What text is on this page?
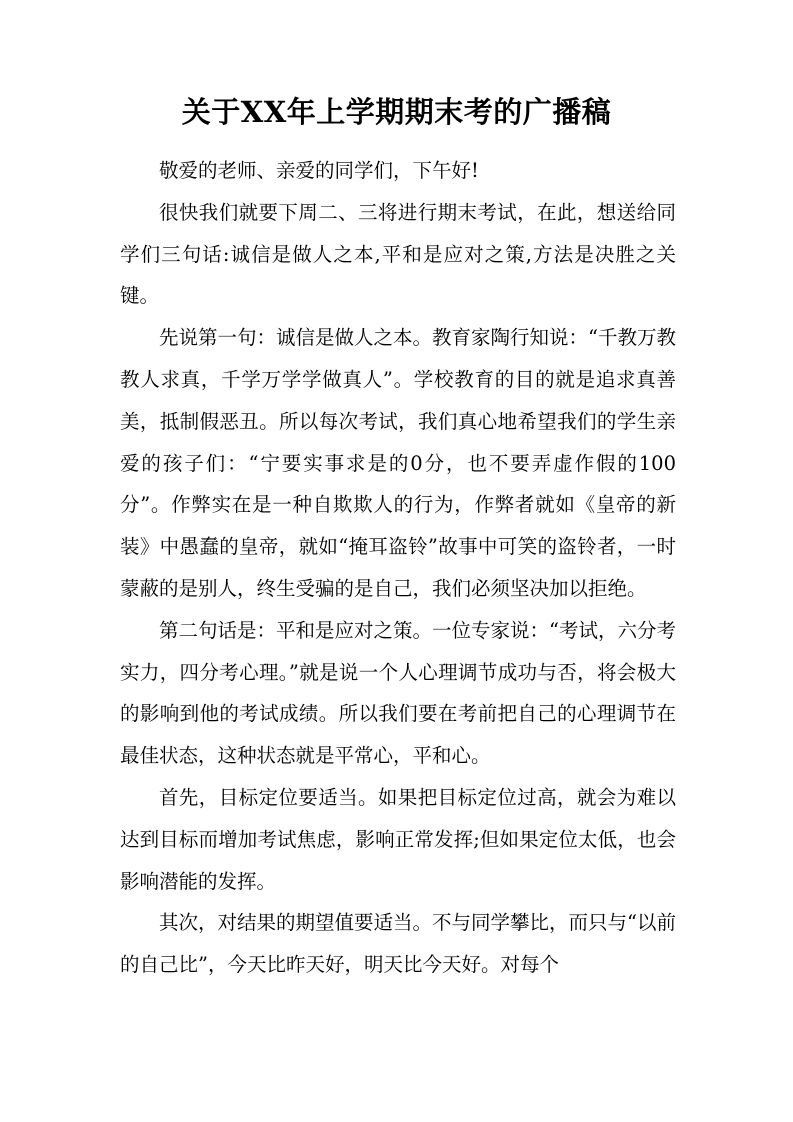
关于XX年上学期期末考的广播稿

敬爱的老师、亲爱的同学们，下午好!

很快我们就要下周二、三将进行期末考试，在此，想送给同学们三句话:诚信是做人之本,平和是应对之策,方法是决胜之关键。

先说第一句：诚信是做人之本。教育家陶行知说：“千教万教教人求真，千学万学学做真人”。学校教育的目的就是追求真善美，抵制假恶丑。所以每次考试，我们真心地希望我们的学生亲爱的孩子们：“宁要实事求是的0分，也不要弄虚作假的100分”。作弊实在是一种自欺欺人的行为，作弊者就如《皇帝的新装》中愚蠢的皇帝，就如“掩耳盗铃”故事中可笑的盗铃者，一时蒙蔽的是别人，终生受骗的是自己，我们必须坚决加以拒绝。

第二句话是：平和是应对之策。一位专家说：“考试，六分考实力，四分考心理。”就是说一个人心理调节成功与否，将会极大的影响到他的考试成绩。所以我们要在考前把自己的心理调节在最佳状态，这种状态就是平常心，平和心。

首先，目标定位要适当。如果把目标定位过高，就会为难以达到目标而增加考试焦虑，影响正常发挥;但如果定位太低，也会影响潜能的发挥。

其次，对结果的期望值要适当。不与同学攀比，而只与“以前的自己比”，今天比昨天好，明天比今天好。对每个
